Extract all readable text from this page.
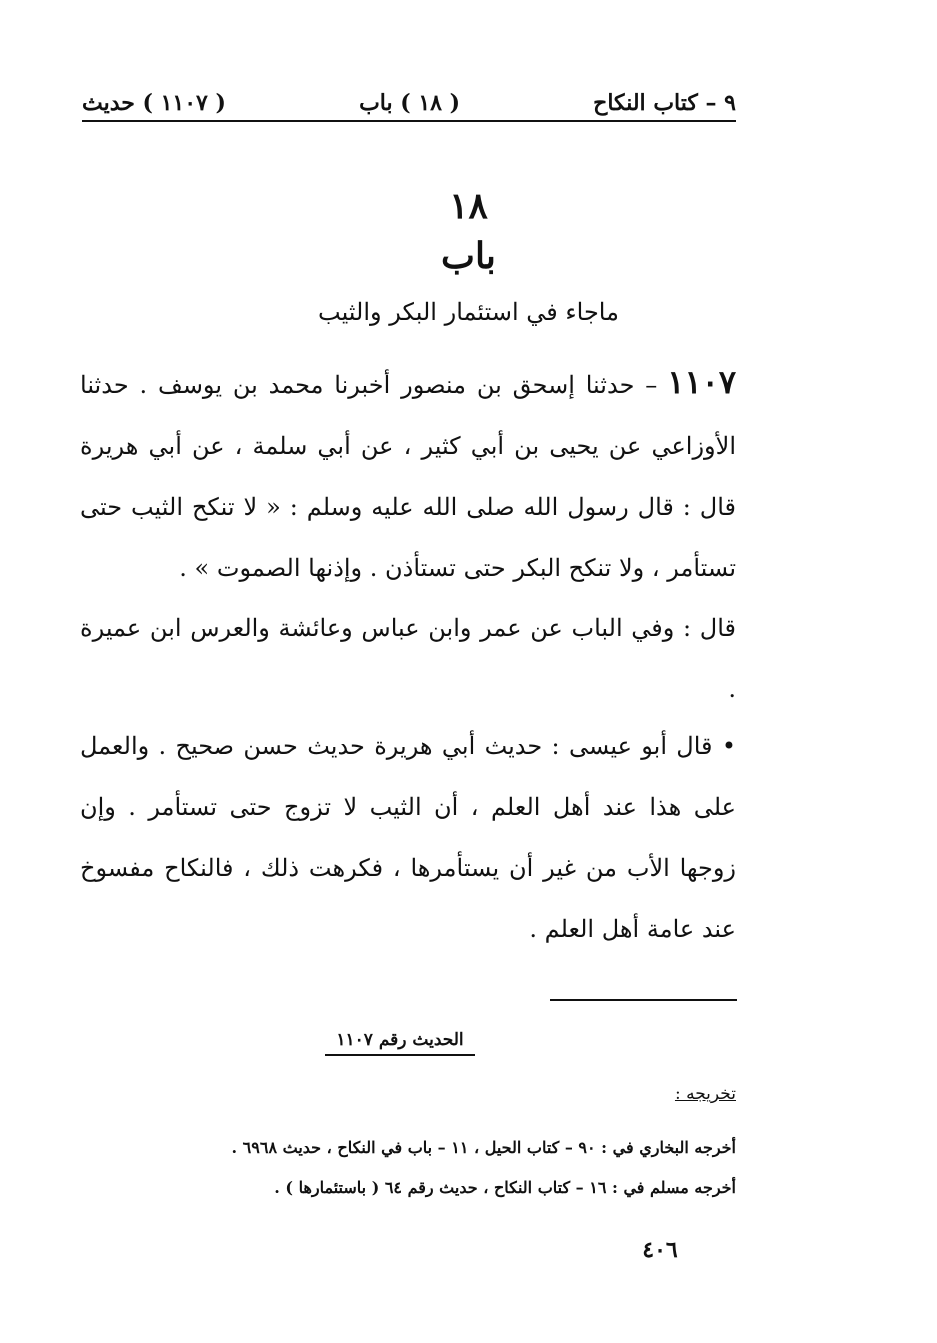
٩ – كتاب النكاح
( ١٨ ) باب
( ١١٠٧ ) حديث
١٨
باب
ماجاء في استئمار البكر والثيب
١١٠٧– حدثنا إسحق بن منصور أخبرنا محمد بن يوسف . حدثنا الأوزاعي عن يحيى بن أبي كثير ، عن أبي سلمة ، عن أبي هريرة قال : قال رسول الله صلى الله عليه وسلم : « لا تنكح الثيب حتى تستأمر ، ولا تنكح البكر حتى تستأذن . وإذنها الصموت » .
قال : وفي الباب عن عمر وابن عباس وعائشة والعرس ابن عميرة .
• قال أبو عيسى : حديث أبي هريرة حديث حسن صحيح . والعمل على هذا عند أهل العلم ، أن الثيب لا تزوج حتى تستأمر . وإن زوجها الأب من غير أن يستأمرها ، فكرهت ذلك ، فالنكاح مفسوخ عند عامة أهل العلم .
الحديث رقم ١١٠٧
تخريجه :
أخرجه البخاري في : ٩٠ – كتاب الحيل ، ١١ – باب في النكاح ، حديث ٦٩٦٨ .
أخرجه مسلم في : ١٦ – كتاب النكاح ، حديث رقم ٦٤ ( باستئمارها ) .
٤٠٦
